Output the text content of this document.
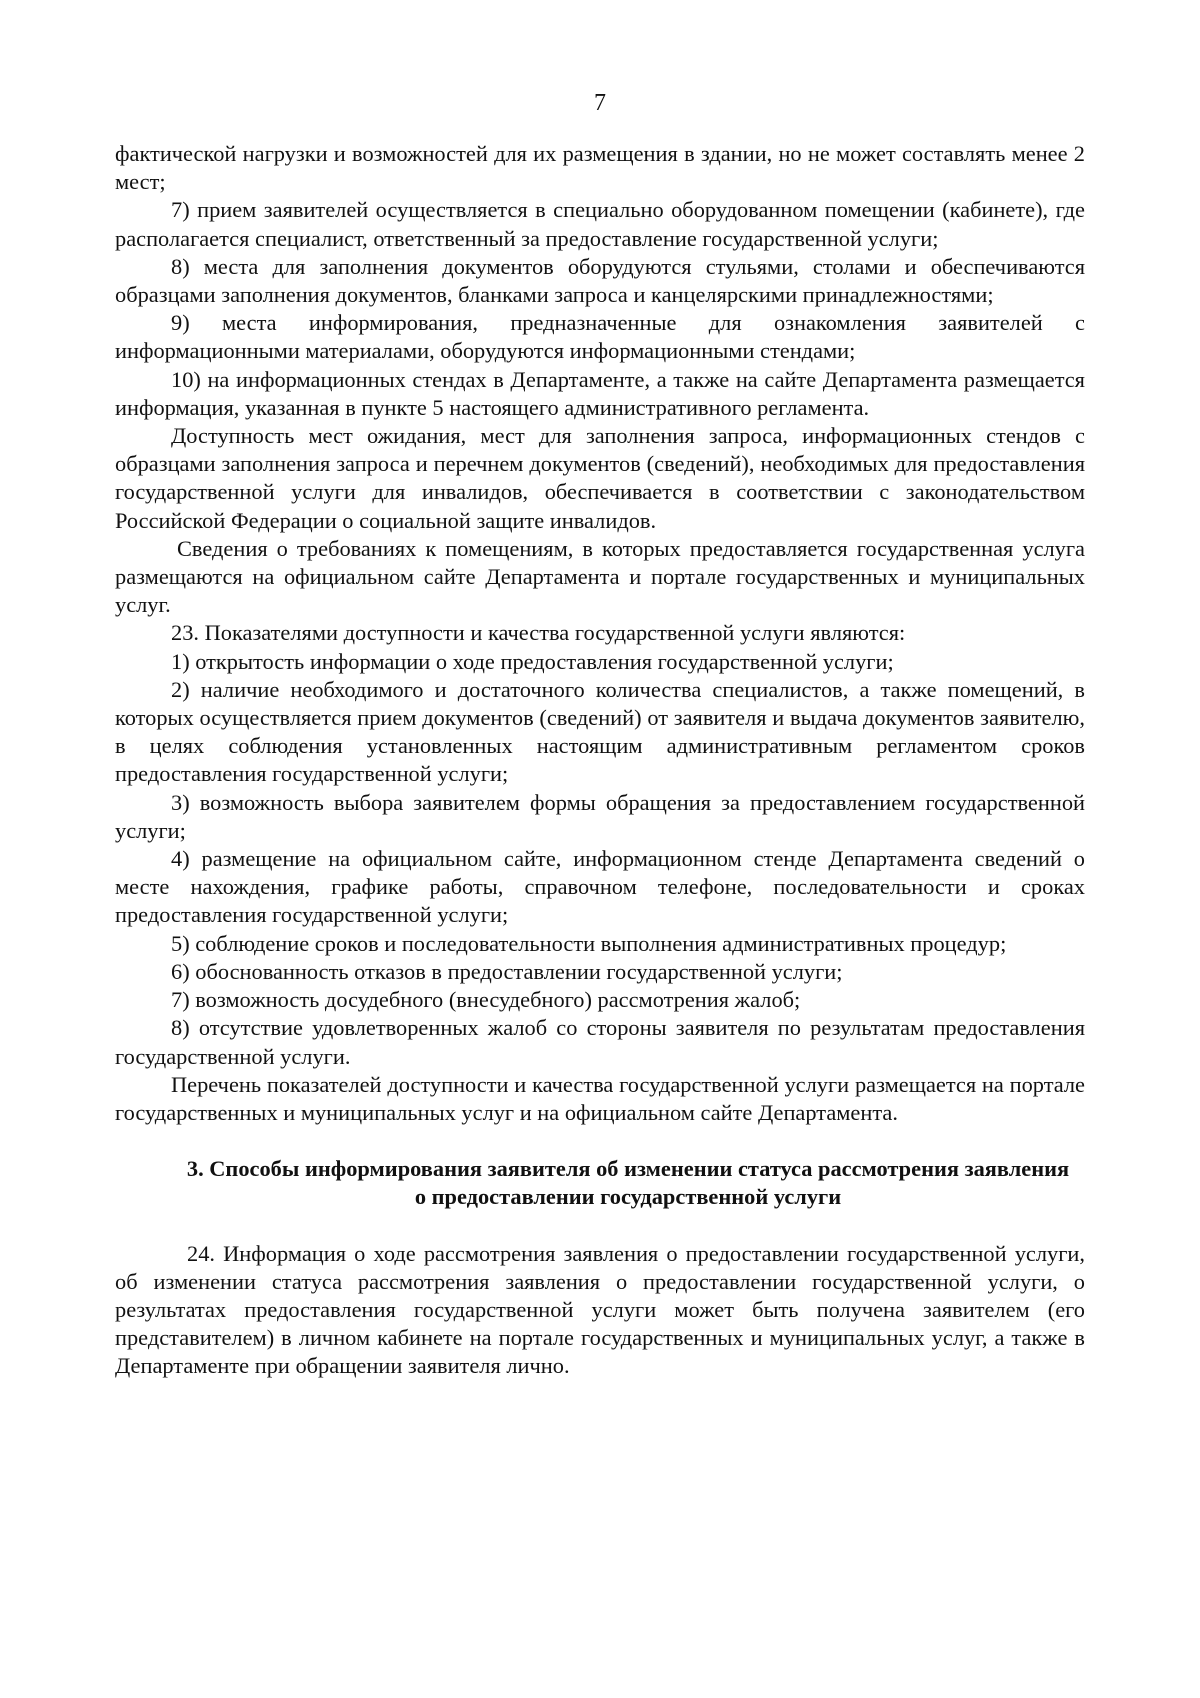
7

фактической нагрузки и возможностей для их размещения в здании, но не может составлять менее 2 мест;

7) прием заявителей осуществляется в специально оборудованном помещении (кабинете), где располагается специалист, ответственный за предоставление государственной услуги;

8) места для заполнения документов оборудуются стульями, столами и обеспечиваются образцами заполнения документов, бланками запроса и канцелярскими принадлежностями;

9) места информирования, предназначенные для ознакомления заявителей с информационными материалами, оборудуются информационными стендами;

10) на информационных стендах в Департаменте, а также на сайте Департамента размещается информация, указанная в пункте 5 настоящего административного регламента.

Доступность мест ожидания, мест для заполнения запроса, информационных стендов с образцами заполнения запроса и перечнем документов (сведений), необходимых для предоставления государственной услуги для инвалидов, обеспечивается в соответствии с законодательством Российской Федерации о социальной защите инвалидов.

Сведения о требованиях к помещениям, в которых предоставляется государственная услуга размещаются на официальном сайте Департамента и портале государственных и муниципальных услуг.

23. Показателями доступности и качества государственной услуги являются:

1) открытость информации о ходе предоставления государственной услуги;

2) наличие необходимого и достаточного количества специалистов, а также помещений, в которых осуществляется прием документов (сведений) от заявителя и выдача документов заявителю, в целях соблюдения установленных настоящим административным регламентом сроков предоставления государственной услуги;

3) возможность выбора заявителем формы обращения за предоставлением государственной услуги;

4) размещение на официальном сайте, информационном стенде Департамента сведений о месте нахождения, графике работы, справочном телефоне, последовательности и сроках предоставления государственной услуги;

5) соблюдение сроков и последовательности выполнения административных процедур;

6) обоснованность отказов в предоставлении государственной услуги;

7) возможность досудебного (внесудебного) рассмотрения жалоб;

8) отсутствие удовлетворенных жалоб со стороны заявителя по результатам предоставления государственной услуги.

Перечень показателей доступности и качества государственной услуги размещается на портале государственных и муниципальных услуг и на официальном сайте Департамента.

3. Способы информирования заявителя об изменении статуса рассмотрения заявления
о предоставлении государственной услуги

24. Информация о ходе рассмотрения заявления о предоставлении государственной услуги, об изменении статуса рассмотрения заявления о предоставлении государственной услуги, о результатах предоставления государственной услуги может быть получена заявителем (его представителем) в личном кабинете на портале государственных и муниципальных услуг, а также в Департаменте при обращении заявителя лично.
